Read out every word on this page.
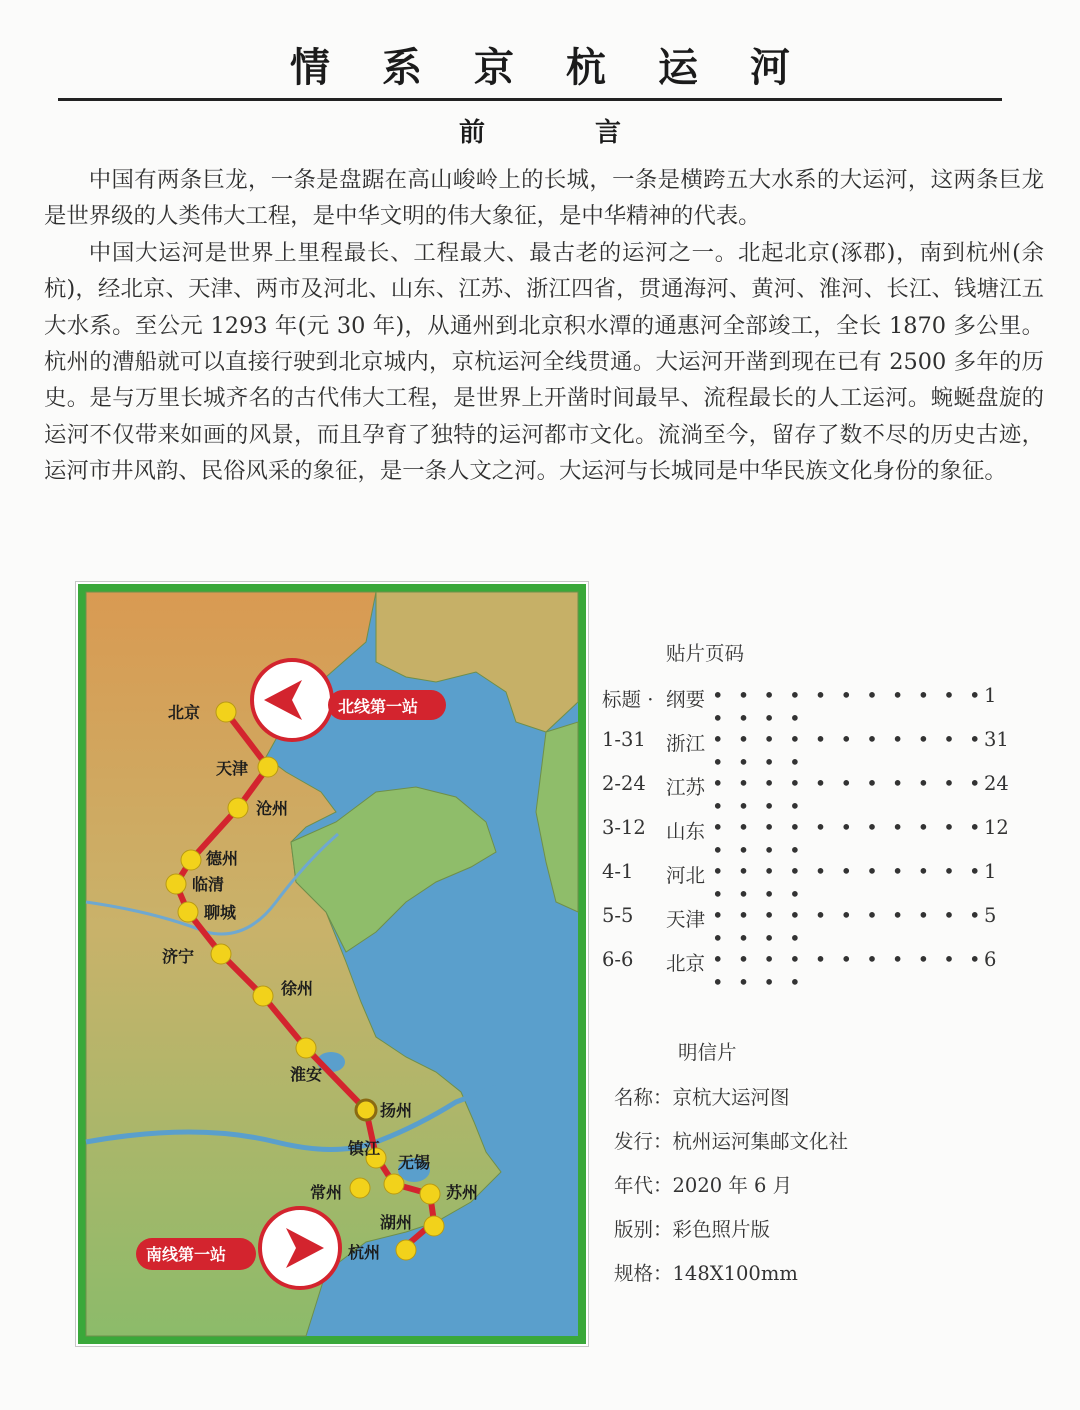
情系京杭运河
前言

中国有两条巨龙，一条是盘踞在高山峻岭上的长城，一条是横跨五大水系的大运河，这两条巨龙是世界级的人类伟大工程，是中华文明的伟大象征，是中华精神的代表。

中国大运河是世界上里程最长、工程最大、最古老的运河之一。北起北京(涿郡)，南到杭州(余杭)，经北京、天津、两市及河北、山东、江苏、浙江四省，贯通海河、黄河、淮河、长江、钱塘江五大水系。至公元 1293 年(元 30 年)，从通州到北京积水潭的通惠河全部竣工，全长 1870 多公里。杭州的漕船就可以直接行驶到北京城内，京杭运河全线贯通。大运河开凿到现在已有 2500 多年的历史。是与万里长城齐名的古代伟大工程，是世界上开凿时间最早、流程最长的人工运河。蜿蜒盘旋的运河不仅带来如画的风景，而且孕育了独特的运河都市文化。流淌至今，留存了数不尽的历史古迹，运河市井风韵、民俗风采的象征，是一条人文之河。大运河与长城同是中华民族文化身份的象征。

北京
天津
沧州
德州
临清
聊城
济宁
徐州
淮安
扬州
镇江
常州
无锡
苏州
湖州
杭州
北线第一站
南线第一站
贴片页码
标题 · 纲要 • • • • • • • • • • • • • • •
1
1-31 浙江 • • • • • • • • • • • • • • •
31
2-24 江苏 • • • • • • • • • • • • • • •
24
3-12 山东 • • • • • • • • • • • • • • •
12
4-1 河北 • • • • • • • • • • • • • • •
1
5-5 天津 • • • • • • • • • • • • • • •
5
6-6 北京 • • • • • • • • • • • • • • •
6
明信片
名称：京杭大运河图
发行：杭州运河集邮文化社
年代：2020 年 6 月
版别：彩色照片版
规格：148X100mm
